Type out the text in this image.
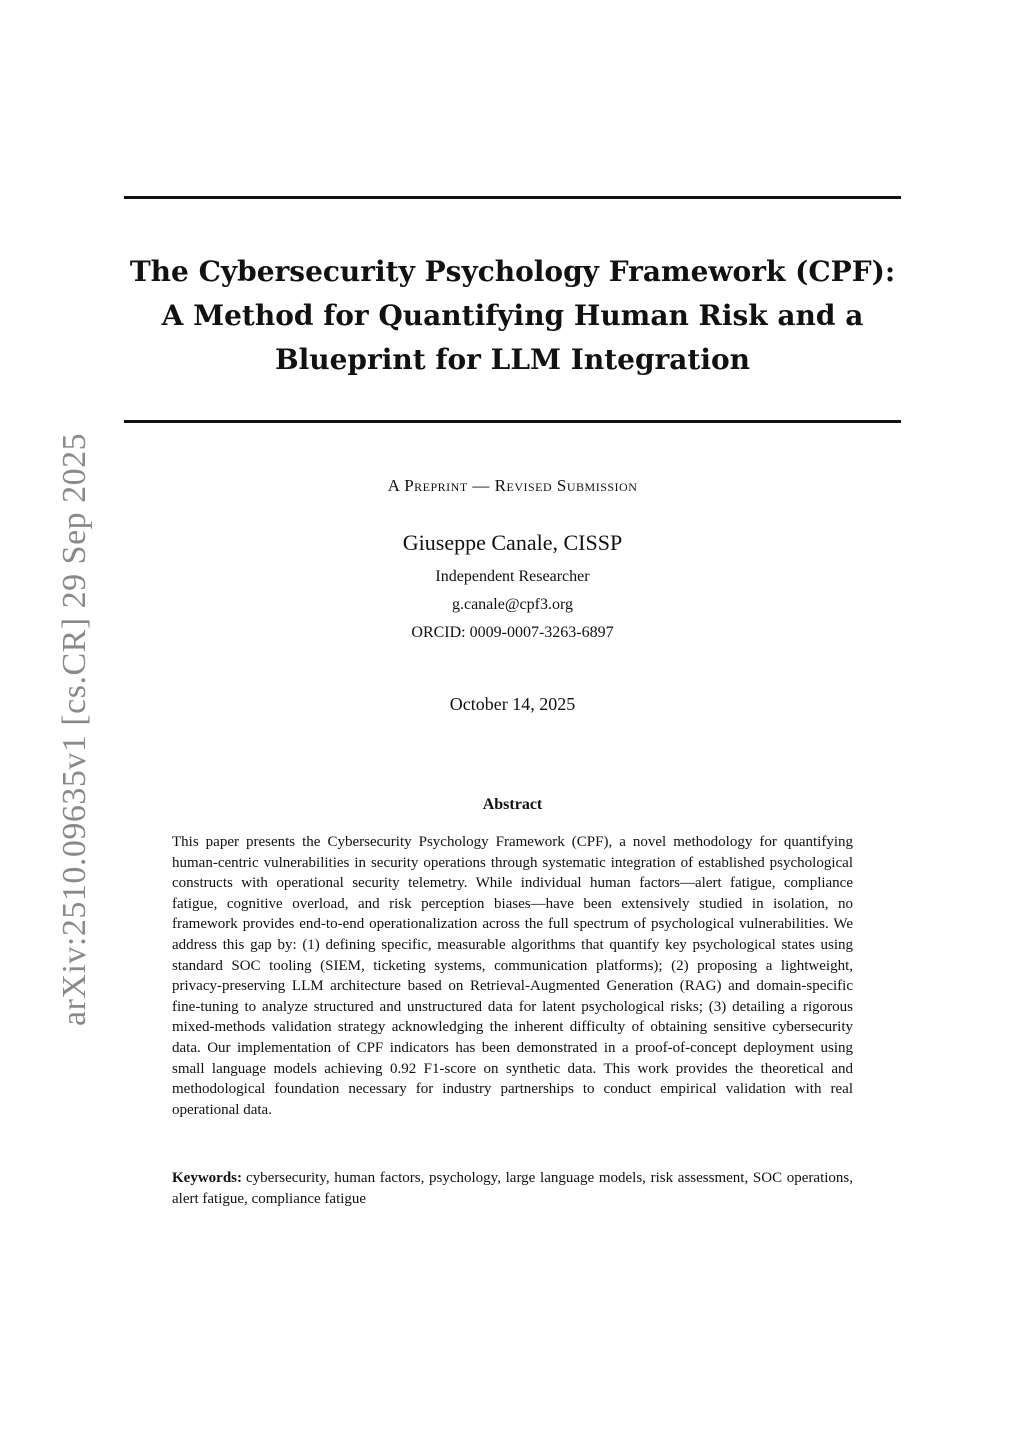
arXiv:2510.09635v1 [cs.CR] 29 Sep 2025
The Cybersecurity Psychology Framework (CPF):
A Method for Quantifying Human Risk and a
Blueprint for LLM Integration
A Preprint — Revised Submission
Giuseppe Canale, CISSP
Independent Researcher
g.canale@cpf3.org
ORCID: 0009-0007-3263-6897
October 14, 2025
Abstract
This paper presents the Cybersecurity Psychology Framework (CPF), a novel methodology for quantifying human-centric vulnerabilities in security operations through systematic integration of established psychological constructs with operational security telemetry. While individual human factors—alert fatigue, compliance fatigue, cognitive overload, and risk perception biases—have been extensively studied in isolation, no framework provides end-to-end operationalization across the full spectrum of psychological vulnerabilities. We address this gap by: (1) defining specific, measurable algorithms that quantify key psychological states using standard SOC tooling (SIEM, ticketing systems, communication platforms); (2) proposing a lightweight, privacy-preserving LLM architecture based on Retrieval-Augmented Generation (RAG) and domain-specific fine-tuning to analyze structured and unstructured data for latent psychological risks; (3) detailing a rigorous mixed-methods validation strategy acknowledging the inherent difficulty of obtaining sensitive cybersecurity data. Our implementation of CPF indicators has been demonstrated in a proof-of-concept deployment using small language models achieving 0.92 F1-score on synthetic data. This work provides the theoretical and methodological foundation necessary for industry partnerships to conduct empirical validation with real operational data.
Keywords: cybersecurity, human factors, psychology, large language models, risk assessment, SOC operations, alert fatigue, compliance fatigue
